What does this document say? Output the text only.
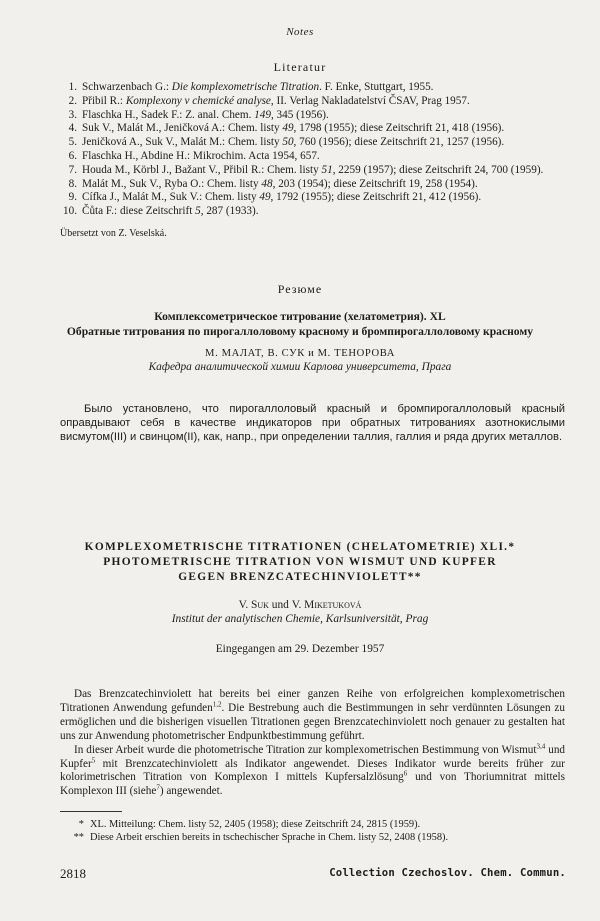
Notes
Literatur
1. Schwarzenbach G.: Die komplexometrische Titration. F. Enke, Stuttgart, 1955.
2. Přibil R.: Komplexony v chemické analyse, II. Verlag Nakladatelství ČSAV, Prag 1957.
3. Flaschka H., Sadek F.: Z. anal. Chem. 149, 345 (1956).
4. Suk V., Malát M., Jeničková A.: Chem. listy 49, 1798 (1955); diese Zeitschrift 21, 418 (1956).
5. Jeničková A., Suk V., Malát M.: Chem. listy 50, 760 (1956); diese Zeitschrift 21, 1257 (1956).
6. Flaschka H., Abdine H.: Mikrochim. Acta 1954, 657.
7. Houda M., Körbl J., Bažant V., Přibil R.: Chem. listy 51, 2259 (1957); diese Zeitschrift 24, 700 (1959).
8. Malát M., Suk V., Ryba O.: Chem. listy 48, 203 (1954); diese Zeitschrift 19, 258 (1954).
9. Cífka J., Malát M., Suk V.: Chem. listy 49, 1792 (1955); diese Zeitschrift 21, 412 (1956).
10. Čůta F.: diese Zeitschrift 5, 287 (1933).
Übersetzt von Z. Veselská.
Резюме
Комплексометрическое титрование (хелатометрия). XL
Обратные титрования по пирогаллоловому красному и бромпирогаллоловому красному
М. МАЛАТ, В. СУК и М. ТЕНОРОВА
Кафедра аналитической химии Карлова университета, Прага
Было установлено, что пирогаллоловый красный и бромпирогаллоловый красный оправдывают себя в качестве индикаторов при обратных титрованиях азотнокислыми висмутом(III) и свинцом(II), как, напр., при определении таллия, галлия и ряда других металлов.
KOMPLEXOMETRISCHE TITRATIONEN (CHELATOMETRIE) XLI.*
PHOTOMETRISCHE TITRATION VON WISMUT UND KUPFER
GEGEN BRENZCATECHINVIOLETT**
V. Suk und V. Miketuková
Institut der analytischen Chemie, Karlsuniversität, Prag
Eingegangen am 29. Dezember 1957

Das Brenzcatechinviolett hat bereits bei einer ganzen Reihe von erfolgreichen komplexometrischen Titrationen Anwendung gefunden$^{1,2}$. Die Bestrebung auch die Bestimmungen in sehr verdünnten Lösungen zu ermöglichen und die bisherigen visuellen Titrationen gegen Brenzcatechinviolett noch genauer zu gestalten hat uns zur Anwendung photometrischer Endpunktbestimmung geführt.

In dieser Arbeit wurde die photometrische Titration zur komplexometrischen Bestimmung von Wismut$^{3,4}$ und Kupfer$^5$ mit Brenzcatechinviolett als Indikator angewendet. Dieses Indikator wurde bereits früher zur kolorimetrischen Titration von Komplexon I mittels Kupfersalzlösung$^6$ und von Thoriumnitrat mittels Komplexon III (siehe$^7$) angewendet.

* XL. Mitteilung: Chem. listy 52, 2405 (1958); diese Zeitschrift 24, 2815 (1959).
** Diese Arbeit erschien bereits in tschechischer Sprache in Chem. listy 52, 2408 (1958).
2818	Collection Czechoslov. Chem. Commun.
